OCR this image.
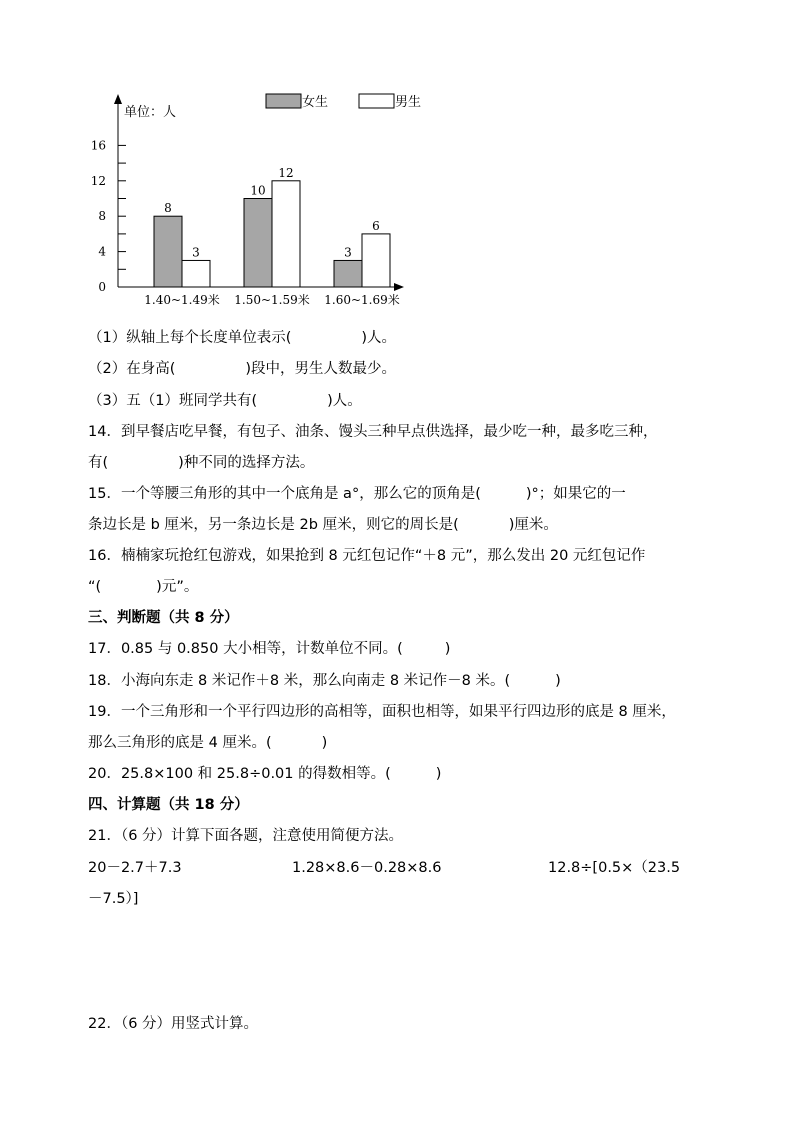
单位：人
0
4
8
12
16
女生	男生
8
3
1.40~1.49米
10
12
1.50~1.59米
3
6
1.60~1.69米
（1）纵轴上每个长度单位表示(	)人。
（2）在身高(	)段中，男生人数最少。
（3）五（1）班同学共有(	)人。
14．到早餐店吃早餐，有包子、油条、馒头三种早点供选择，最少吃一种，最多吃三种，
有(	)种不同的选择方法。
15．一个等腰三角形的其中一个底角是 a°，那么它的顶角是(	)°；如果它的一
条边长是 b 厘米，另一条边长是 2b 厘米，则它的周长是(	)厘米。
16．楠楠家玩抢红包游戏，如果抢到 8 元红包记作“＋8 元”，那么发出 20 元红包记作
“(	)元”。
三、判断题（共 8 分）
17．0.85 与 0.850 大小相等，计数单位不同。(	)
18．小海向东走 8 米记作＋8 米，那么向南走 8 米记作－8 米。(	)
19．一个三角形和一个平行四边形的高相等，面积也相等，如果平行四边形的底是 8 厘米，
那么三角形的底是 4 厘米。(	)
20．25.8×100 和 25.8÷0.01 的得数相等。(	)
四、计算题（共 18 分）
21．（6 分）计算下面各题，注意使用简便方法。
20－2.7＋7.3	1.28×8.6－0.28×8.6	12.8÷[0.5×（23.5
－7.5）]
22．（6 分）用竖式计算。
